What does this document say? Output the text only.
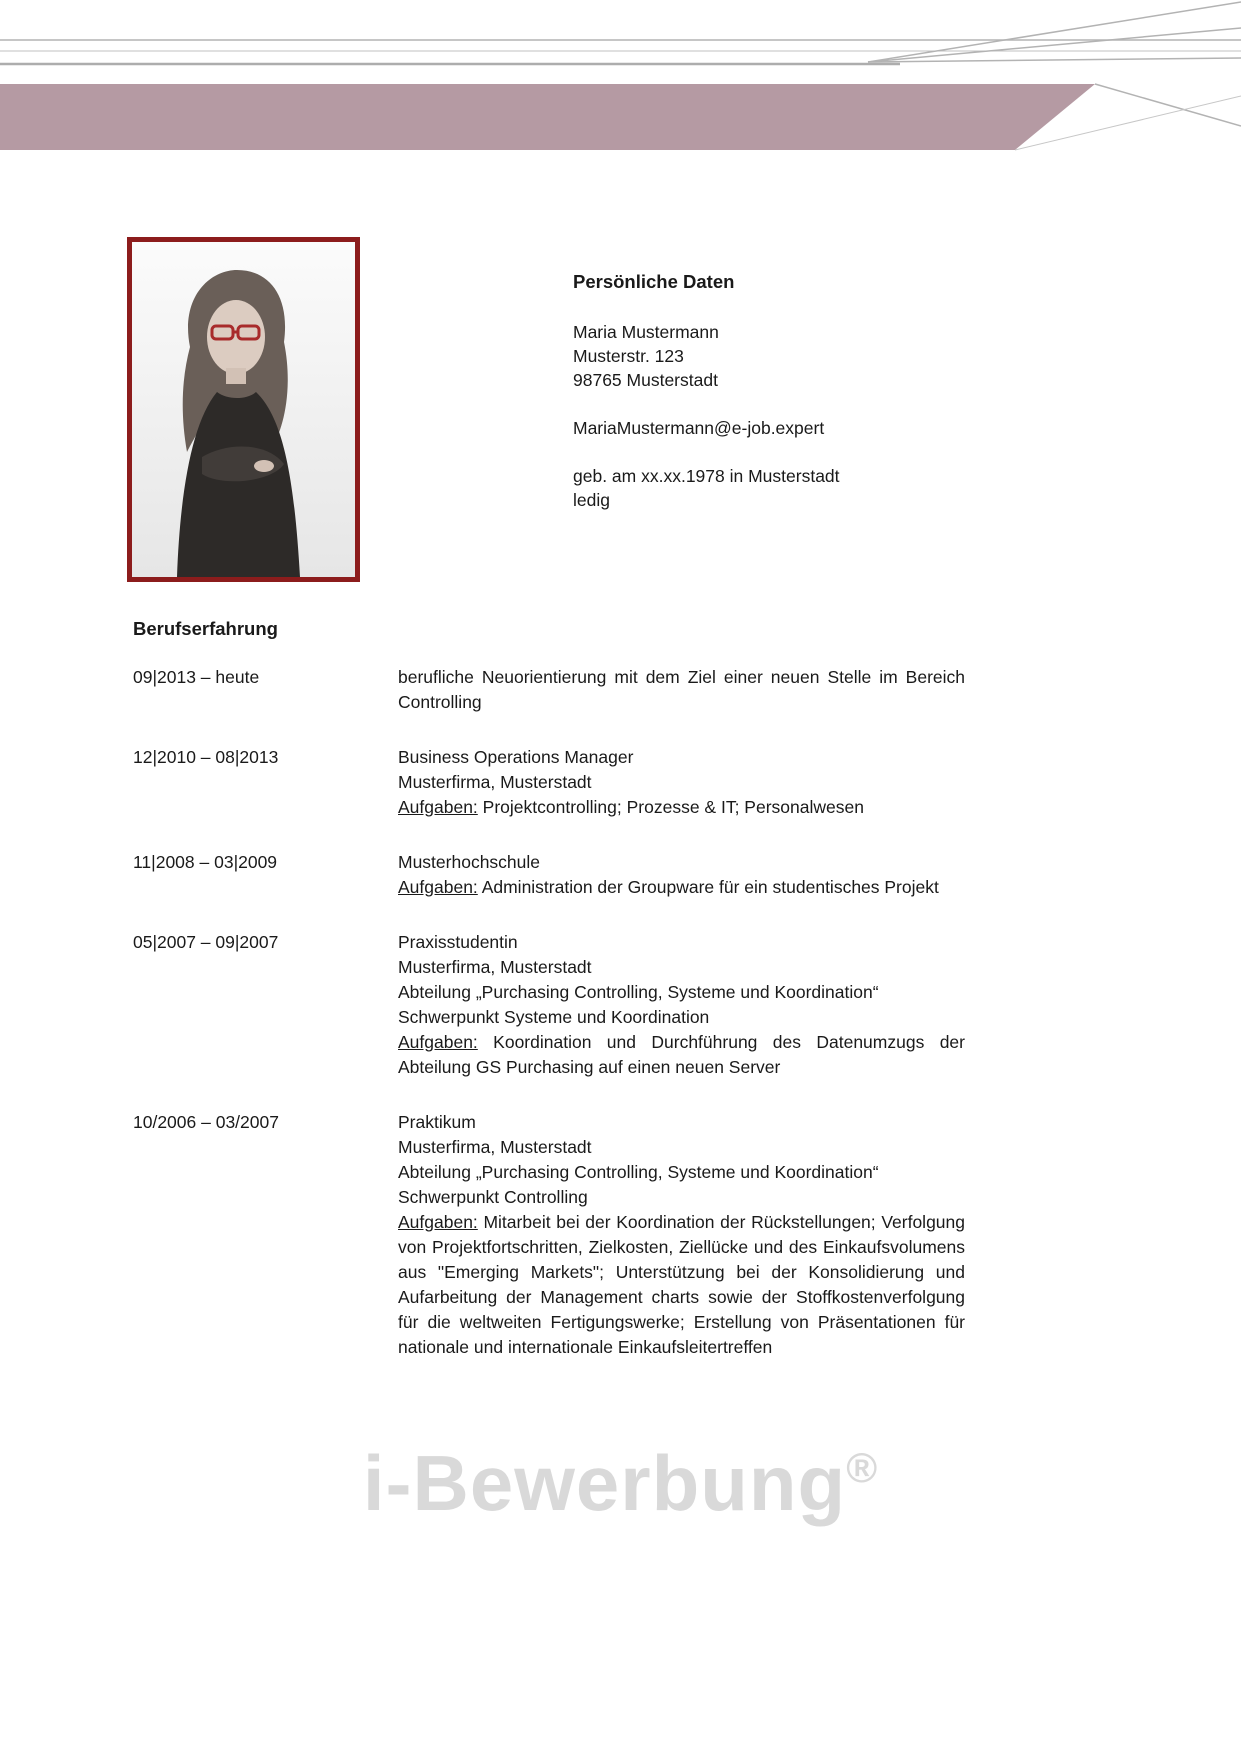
Persönliche Daten
Maria Mustermann
Musterstr. 123
98765 Musterstadt
MariaMustermann@e-job.expert
geb. am xx.xx.1978 in Musterstadt
ledig
Berufserfahrung
09|2013 – heute	berufliche Neuorientierung mit dem Ziel einer neuen Stelle im Bereich Controlling
12|2010 – 08|2013	Business Operations Manager
Musterfirma, Musterstadt
Aufgaben: Projektcontrolling; Prozesse & IT; Personalwesen
11|2008 – 03|2009	Musterhochschule
Aufgaben: Administration der Groupware für ein studentisches Projekt
05|2007 – 09|2007	Praxisstudentin
Musterfirma, Musterstadt
Abteilung „Purchasing Controlling, Systeme und Koordination“
Schwerpunkt Systeme und Koordination
Aufgaben: Koordination und Durchführung des Datenumzugs der Abteilung GS Purchasing auf einen neuen Server
10/2006 – 03/2007	Praktikum
Musterfirma, Musterstadt
Abteilung „Purchasing Controlling, Systeme und Koordination“
Schwerpunkt Controlling
Aufgaben: Mitarbeit bei der Koordination der Rückstellungen; Verfolgung von Projektfortschritten, Zielkosten, Ziellücke und des Einkaufsvolumens aus "Emerging Markets"; Unterstützung bei der Konsolidierung und Aufarbeitung der Management charts sowie der Stoffkostenverfolgung für die weltweiten Fertigungswerke; Erstellung von Präsentationen für nationale und internationale Einkaufsleitertreffen
i-Bewerbung®
